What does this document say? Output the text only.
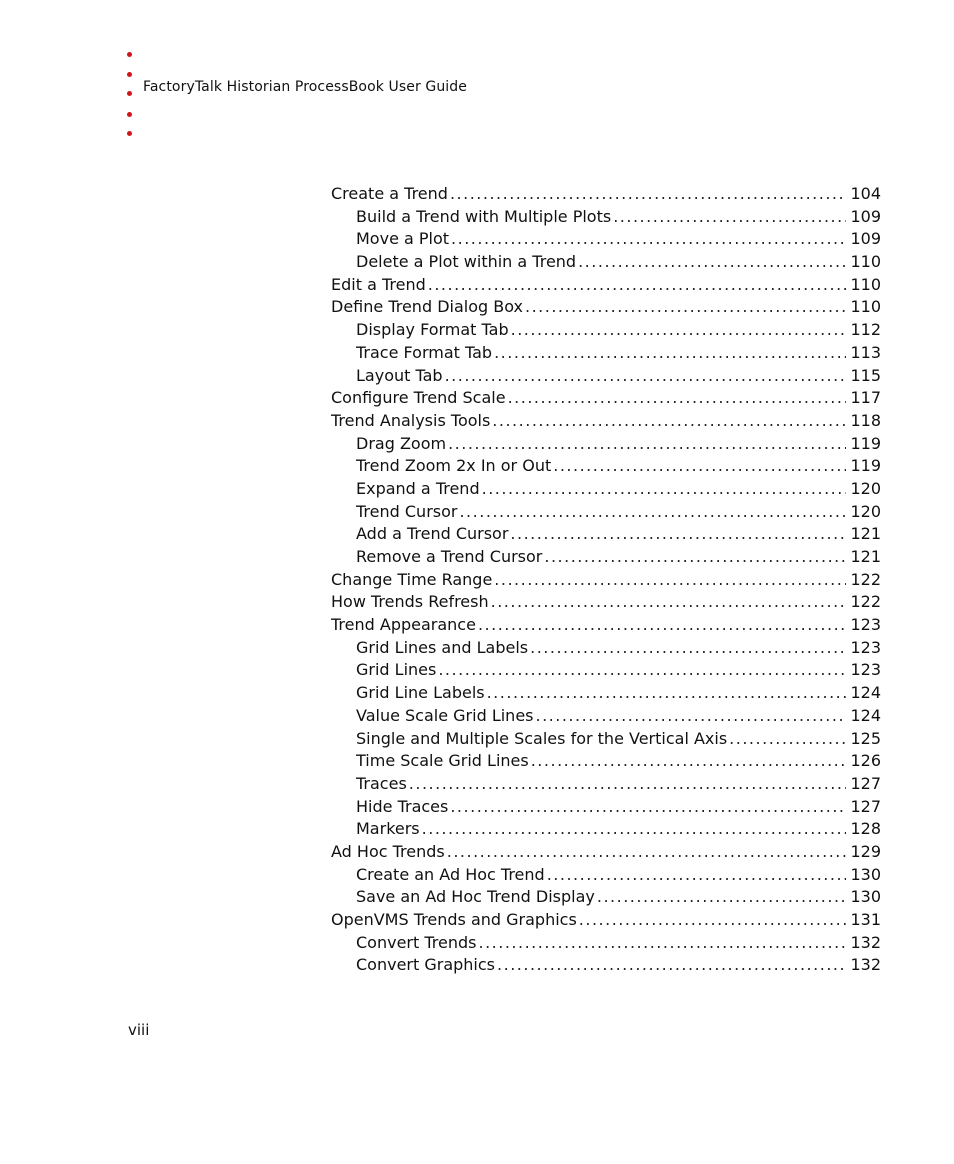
FactoryTalk Historian ProcessBook User Guide
Create a Trend .....	104
Build a Trend with Multiple Plots .....	109
Move a Plot .....	109
Delete a Plot within a Trend .....	110
Edit a Trend .....	110
Define Trend Dialog Box .....	110
Display Format Tab .....	112
Trace Format Tab .....	113
Layout Tab .....	115
Configure Trend Scale .....	117
Trend Analysis Tools .....	118
Drag Zoom .....	119
Trend Zoom 2x In or Out .....	119
Expand a Trend .....	120
Trend Cursor .....	120
Add a Trend Cursor .....	121
Remove a Trend Cursor .....	121
Change Time Range .....	122
How Trends Refresh .....	122
Trend Appearance .....	123
Grid Lines and Labels .....	123
Grid Lines .....	123
Grid Line Labels .....	124
Value Scale Grid Lines .....	124
Single and Multiple Scales for the Vertical Axis .....	125
Time Scale Grid Lines .....	126
Traces .....	127
Hide Traces .....	127
Markers .....	128
Ad Hoc Trends .....	129
Create an Ad Hoc Trend .....	130
Save an Ad Hoc Trend Display .....	130
OpenVMS Trends and Graphics .....	131
Convert Trends .....	132
Convert Graphics .....	132
viii
